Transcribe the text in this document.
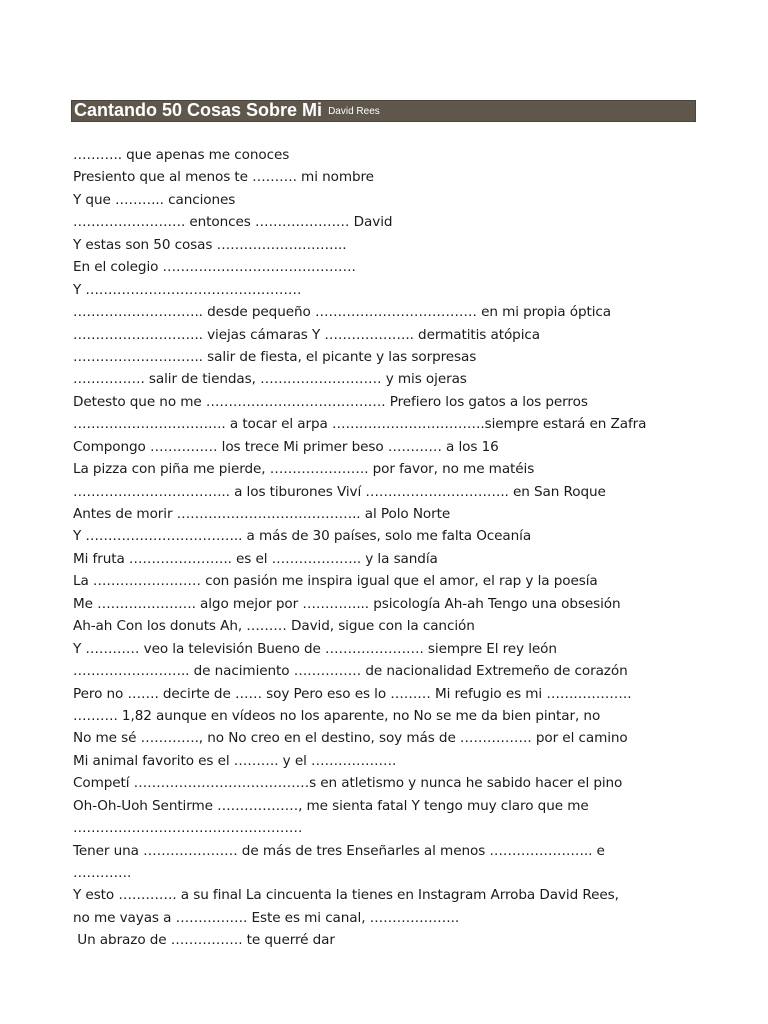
Cantando 50 Cosas Sobre Mi David Rees
……….. que apenas me conoces
Presiento que al menos te ………. mi nombre
Y que ……….. canciones
……………………. entonces ………………… David
Y estas son 50 cosas ………………………..
En el colegio …………………………………….
Y …………………………………………
……………………….. desde pequeño ……………………………… en mi propia óptica
……………………….. viejas cámaras Y ……………….. dermatitis atópica
……………………….. salir de fiesta, el picante y las sorpresas
……………. salir de tiendas, ……………………… y mis ojeras
Detesto que no me …………………………………. Prefiero los gatos a los perros
……………………………. a tocar el arpa …………………………….siempre estará en Zafra
Compongo …………… los trece Mi primer beso ………… a los 16
La pizza con piña me pierde, …………………. por favor, no me matéis
…………………………….. a los tiburones Viví ………………………….. en San Roque
Antes de morir ………………………………….. al Polo Norte
Y …………………………….. a más de 30 países, solo me falta Oceanía
Mi fruta ………………….. es el ……………….. y la sandía
La …………………… con pasión me inspira igual que el amor, el rap y la poesía
Me …………………. algo mejor por …………... psicología Ah-ah Tengo una obsesión
Ah-ah Con los donuts Ah, ……… David, sigue con la canción
Y ………… veo la televisión Bueno de …………………. siempre El rey león
…………………….. de nacimiento …………… de nacionalidad Extremeño de corazón
Pero no ……. decirte de …… soy Pero eso es lo ……… Mi refugio es mi ……………….
………. 1,82 aunque en vídeos no los aparente, no No se me da bien pintar, no
No me sé …………., no No creo en el destino, soy más de ……………. por el camino
Mi animal favorito es el ………. y el ……………….
Competí …………………………………s en atletismo y nunca he sabido hacer el pino
Oh-Oh-Uoh Sentirme ………………, me sienta fatal Y tengo muy claro que me
……………………………………………
Tener una ………………… de más de tres Enseñarles al menos ………………….. e
………….
Y esto …………. a su final La cincuenta la tienes en Instagram Arroba David Rees,
no me vayas a ……………. Este es mi canal, ………………..
Un abrazo de ……………. te querré dar
